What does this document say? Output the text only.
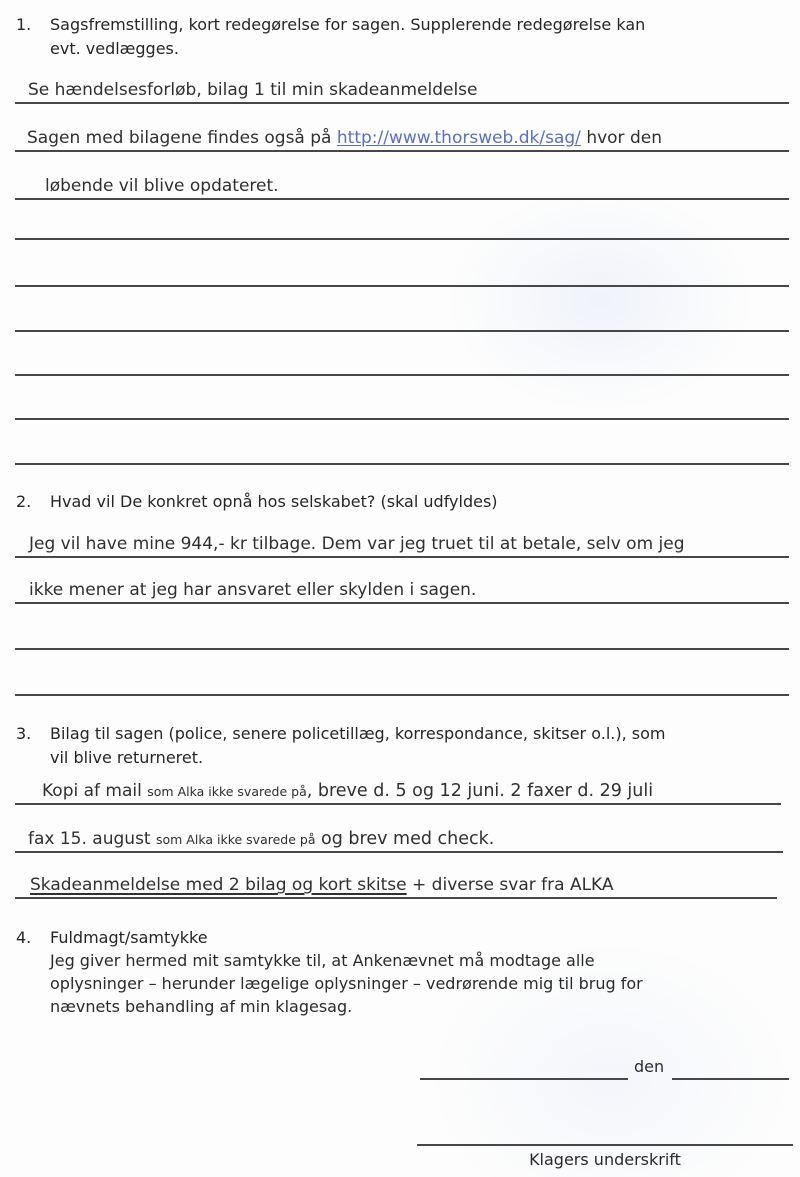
1.	Sagsfremstilling, kort redegørelse for sagen. Supplerende redegørelse kan
evt. vedlægges.
Se hændelsesforløb, bilag 1 til min skadeanmeldelse
Sagen med bilagene findes også på http://www.thorsweb.dk/sag/ hvor den
løbende vil blive opdateret.
2.	Hvad vil De konkret opnå hos selskabet? (skal udfyldes)
Jeg vil have mine 944,- kr tilbage. Dem var jeg truet til at betale, selv om jeg
ikke mener at jeg har ansvaret eller skylden i sagen.
3.	Bilag til sagen (police, senere policetillæg, korrespondance, skitser o.l.), som
vil blive returneret.
Kopi af mail som Alka ikke svarede på, breve d. 5 og 12 juni. 2 faxer d. 29 juli
fax 15. august som Alka ikke svarede på og brev med check.
Skadeanmeldelse med 2 bilag og kort skitse + diverse svar fra ALKA
4.	Fuldmagt/samtykke
Jeg giver hermed mit samtykke til, at Ankenævnet må modtage alle
oplysninger – herunder lægelige oplysninger – vedrørende mig til brug for
nævnets behandling af min klagesag.
den
Klagers underskrift
